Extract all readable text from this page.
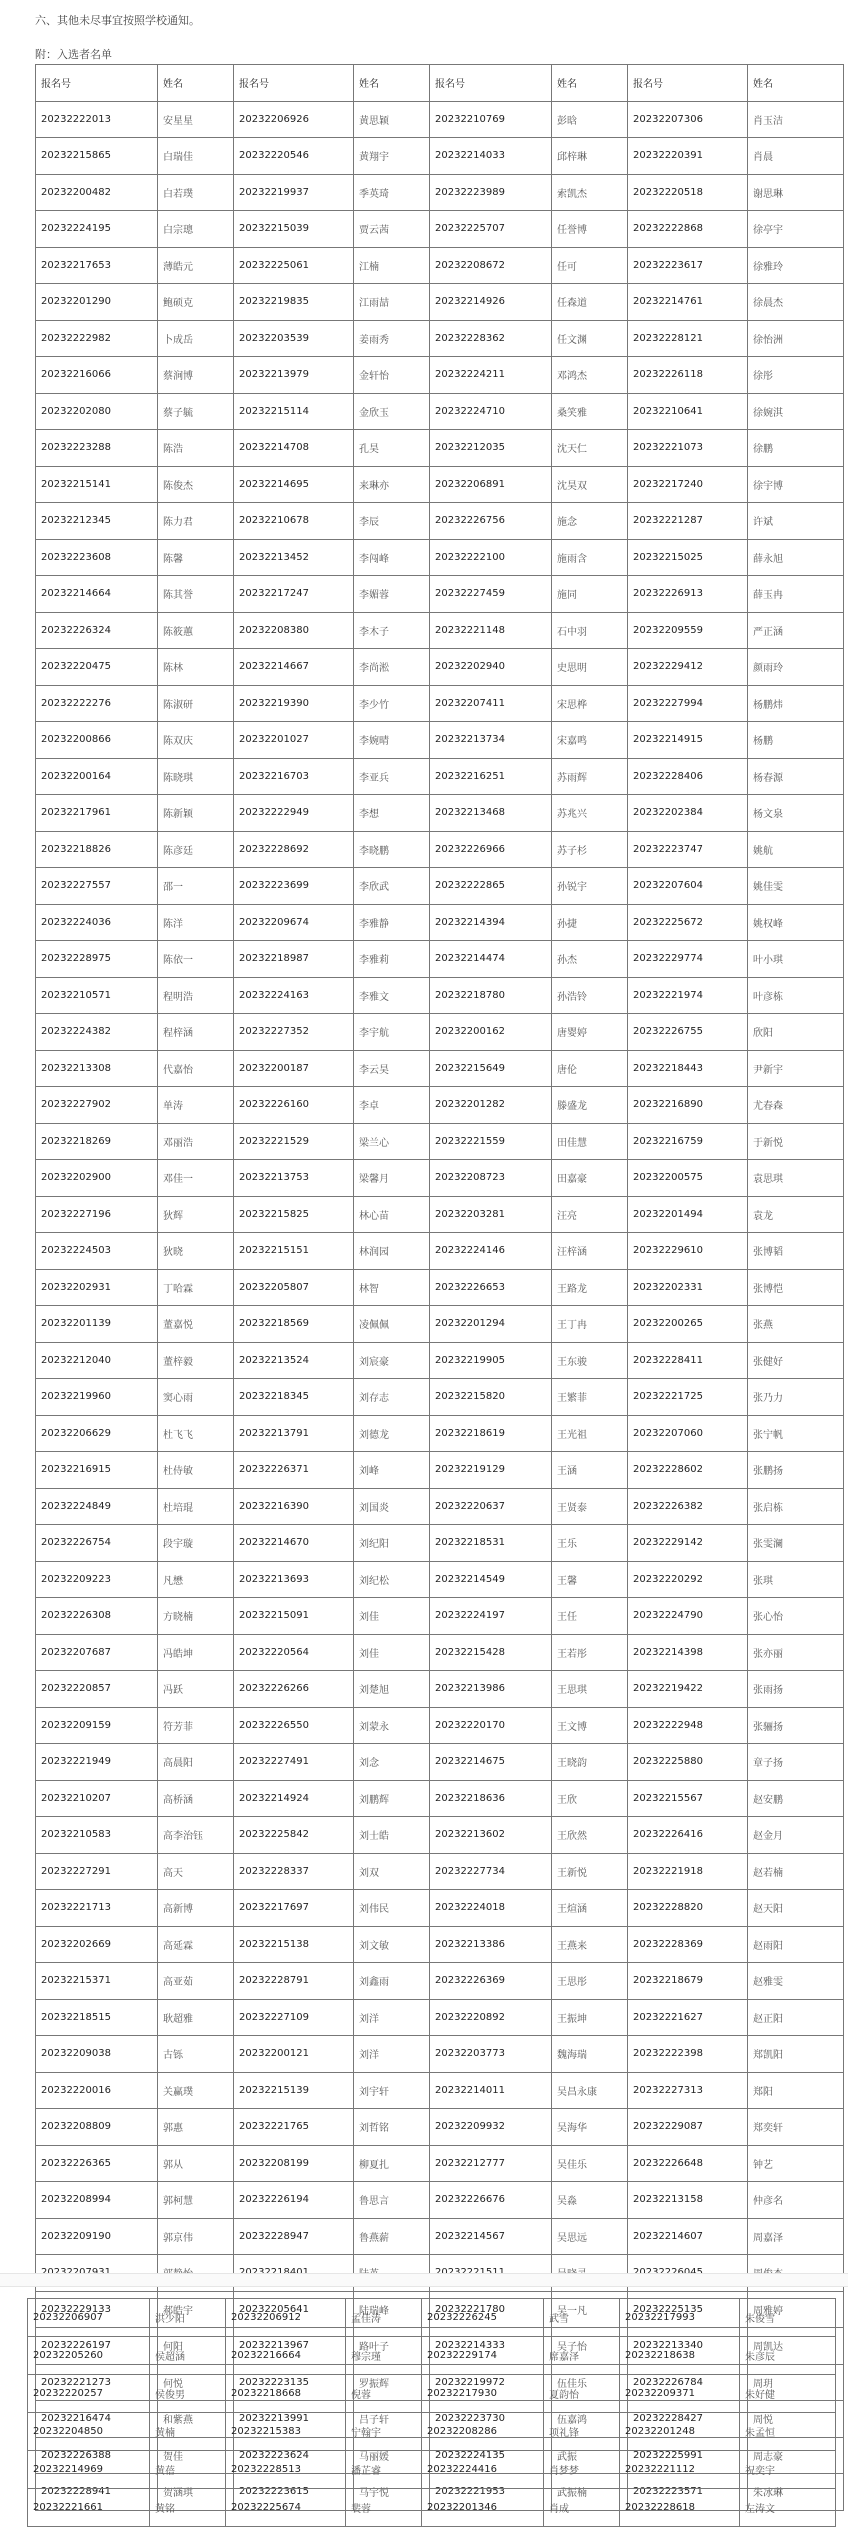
六、其他未尽事宜按照学校通知。
附：入选者名单
报名号	姓名	报名号	姓名	报名号	姓名	报名号	姓名
20232222013	安星星	20232206926	黄思颖	20232210769	彭晗	20232207306	肖玉洁
20232215865	白瑞佳	20232220546	黄翔宇	20232214033	邱梓琳	20232220391	肖晨
20232200482	白若璞	20232219937	季英琦	20232223989	索凯杰	20232220518	谢思琳
20232224195	白宗璁	20232215039	贾云茜	20232225707	任誉博	20232222868	徐亭宇
20232217653	薄皓元	20232225061	江楠	20232208672	任可	20232223617	徐雅玲
20232201290	鲍硕克	20232219835	江雨喆	20232214926	任森道	20232214761	徐晨杰
20232222982	卜成岳	20232203539	姜雨秀	20232228362	任文渊	20232228121	徐怡洲
20232216066	蔡涧博	20232213979	金轩怡	20232224211	邓鸿杰	20232226118	徐彤
20232202080	蔡子毓	20232215114	金欣玉	20232224710	桑笑雅	20232210641	徐婉淇
20232223288	陈浩	20232214708	孔昊	20232212035	沈天仁	20232221073	徐鹏
20232215141	陈俊杰	20232214695	来琳亦	20232206891	沈昊双	20232217240	徐宇博
20232212345	陈力君	20232210678	李辰	20232226756	施念	20232221287	许斌
20232223608	陈馨	20232213452	李闯峰	20232222100	施雨含	20232215025	薛永旭
20232214664	陈其誉	20232217247	李媚蓉	20232227459	施同	20232226913	薛玉冉
20232226324	陈筱蕙	20232208380	李木子	20232221148	石中羽	20232209559	严正涵
20232220475	陈林	20232214667	李尚淞	20232202940	史思明	20232229412	颜雨玲
20232222276	陈淑研	20232219390	李少竹	20232207411	宋思桦	20232227994	杨鹏炜
20232200866	陈双庆	20232201027	李婉晴	20232213734	宋嘉鸣	20232214915	杨鹏
20232200164	陈晓琪	20232216703	李亚兵	20232216251	苏雨辉	20232228406	杨春源
20232217961	陈新颖	20232222949	李想	20232213468	苏兆兴	20232202384	杨文泉
20232218826	陈彦廷	20232228692	李晓鹏	20232226966	苏子杉	20232223747	姚航
20232227557	邵一	20232223699	李欣武	20232222865	孙锐宇	20232207604	姚佳雯
20232224036	陈洋	20232209674	李雅静	20232214394	孙捷	20232225672	姚权峰
20232228975	陈依一	20232218987	李雅莉	20232214474	孙杰	20232229774	叶小琪
20232210571	程明浩	20232224163	李雅文	20232218780	孙浩铃	20232221974	叶彦栋
20232224382	程梓涵	20232227352	李宇航	20232200162	唐婴婷	20232226755	欣阳
20232213308	代嘉怡	20232200187	李云昊	20232215649	唐伦	20232218443	尹新宇
20232227902	单涛	20232226160	李卓	20232201282	滕盛龙	20232216890	尤春森
20232218269	邓丽浩	20232221529	梁兰心	20232221559	田佳慧	20232216759	于新悦
20232202900	邓佳一	20232213753	梁馨月	20232208723	田嘉豪	20232200575	袁思琪
20232227196	狄辉	20232215825	林心苗	20232203281	汪亮	20232201494	袁龙
20232224503	狄晓	20232215151	林润园	20232224146	汪梓涵	20232229610	张博韬
20232202931	丁哈霖	20232205807	林智	20232226653	王路龙	20232202331	张博恺
20232201139	董嘉悦	20232218569	凌佩佩	20232201294	王丁冉	20232200265	张燕
20232212040	董梓毅	20232213524	刘宸豪	20232219905	王东骏	20232228411	张健好
20232219960	窦心雨	20232218345	刘存志	20232215820	王繁菲	20232221725	张乃力
20232206629	杜飞飞	20232213791	刘德龙	20232218619	王光祖	20232207060	张宁帆
20232216915	杜侍敏	20232226371	刘峰	20232219129	王涵	20232228602	张鹏扬
20232224849	杜培琨	20232216390	刘国炎	20232220637	王贤泰	20232226382	张启栋
20232226754	段宇璇	20232214670	刘纪阳	20232218531	王乐	20232229142	张雯澜
20232209223	凡懋	20232213693	刘纪松	20232214549	王馨	20232220292	张琪
20232226308	方晓楠	20232215091	刘佳	20232224197	王任	20232224790	张心怡
20232207687	冯皓坤	20232220564	刘佳	20232215428	王若彤	20232214398	张亦丽
20232220857	冯跃	20232226266	刘楚旭	20232213986	王思琪	20232219422	张雨扬
20232209159	符芳菲	20232226550	刘蒙永	20232220170	王文博	20232222948	张骊扬
20232221949	高晨阳	20232227491	刘念	20232214675	王晓韵	20232225880	章子扬
20232210207	高桥涵	20232214924	刘鹏辉	20232218636	王欣	20232215567	赵安鹏
20232210583	高李治钰	20232225842	刘士皓	20232213602	王欣然	20232226416	赵金月
20232227291	高天	20232228337	刘双	20232227734	王新悦	20232221918	赵若楠
20232221713	高新博	20232217697	刘伟民	20232224018	王煊涵	20232228820	赵天阳
20232202669	高延霖	20232215138	刘文敏	20232213386	王燕来	20232228369	赵雨阳
20232215371	高亚茹	20232228791	刘鑫雨	20232226369	王思彤	20232218679	赵雅雯
20232218515	耿超雅	20232227109	刘洋	20232220892	王振坤	20232221627	赵正阳
20232209038	古铄	20232200121	刘洋	20232203773	魏海瑞	20232222398	郑凯阳
20232220016	关赢璞	20232215139	刘宇轩	20232214011	吴昌永康	20232227313	郑阳
20232208809	郭惠	20232221765	刘哲铭	20232209932	吴海华	20232229087	郑奕轩
20232226365	郭从	20232208199	柳夏扎	20232212777	吴佳乐	20232226648	钟艺
20232208994	郭柯慧	20232226194	鲁思言	20232226676	吴淼	20232213158	仲彦名
20232209190	郭京伟	20232228947	鲁燕薪	20232214567	吴思远	20232214607	周嘉泽

20232229133	郝皓宇	20232205641	陆瑞峰	20232221780	吴一凡	20232225135	周雅婷
20232226197	何阳	20232213967	路叶子	20232214333	吴子怡	20232213340	周凯达
20232221273	何悦	20232223135	罗振辉	20232219972	伍佳乐	20232226784	周玥
20232216474	和紫燕	20232213991	吕子轩	20232223730	伍嘉鸿	20232228427	周悦
20232226388	贺佳	20232223624	马丽媛	20232224135	武振	20232225991	周志豪
20232228941	贺涵琪	20232223615	马宇悦	20232221953	武振楠	20232223571	朱冰琳
20232206907	洪少阳	20232206912	孟佳涛	20232226245	武雪	20232217993	朱俊雪
20232205260	侯超涵	20232216664	穆宗瑾	20232229174	席嘉泽	20232218638	朱彦辰
20232220257	侯俊男	20232218668	倪蓉	20232217930	夏韵怡	20232209371	朱好健
20232204850	黄楠	20232215383	宁翰宇	20232208286	项礼锋	20232201248	朱孟恒
20232214969	黄蓓	20232228513	潘芷睿	20232224416	肖梦梦	20232221112	祝奕宇
20232221661	黄铭	20232225674	裴蓉	20232201346	肖成	20232228618	左涛文
